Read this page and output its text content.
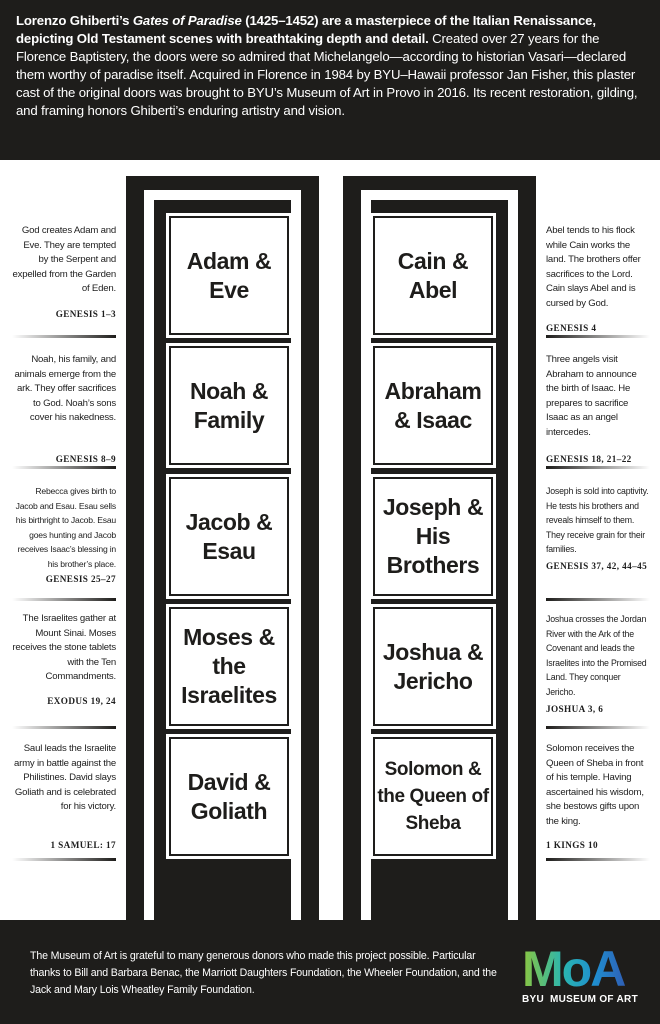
Lorenzo Ghiberti’s Gates of Paradise (1425–1452) are a masterpiece of the Italian Renaissance, depicting Old Testament scenes with breathtaking depth and detail. Created over 27 years for the Florence Baptistery, the doors were so admired that Michelangelo—according to historian Vasari—declared them worthy of paradise itself. Acquired in Florence in 1984 by BYU–Hawaii professor Jan Fisher, this plaster cast of the original doors was brought to BYU’s Museum of Art in Provo in 2016. Its recent restoration, gilding, and framing honors Ghiberti’s enduring artistry and vision.
Adam & Eve
Noah & Family
Jacob & Esau
Moses & the Israelites
David & Goliath
Cain & Abel
Abraham & Isaac
Joseph & His Brothers
Joshua & Jericho
Solomon & the Queen of Sheba
God creates Adam and Eve. They are tempted by the Serpent and expelled from the Garden of Eden.
GENESIS 1–3
Noah, his family, and animals emerge from the ark. They offer sacrifices to God. Noah’s sons cover his nakedness.
GENESIS 8–9
Rebecca gives birth to Jacob and Esau. Esau sells his birthright to Jacob. Esau goes hunting and Jacob receives Isaac’s blessing in his brother’s place.
GENESIS 25–27
The Israelites gather at Mount Sinai. Moses receives the stone tablets with the Ten Commandments.
EXODUS 19, 24
Saul leads the Israelite army in battle against the Philistines. David slays Goliath and is celebrated for his victory.
1 SAMUEL: 17
Abel tends to his flock while Cain works the land. The brothers offer sacrifices to the Lord. Cain slays Abel and is cursed by God.
GENESIS 4
Three angels visit Abraham to announce the birth of Isaac. He prepares to sacrifice Isaac as an angel intercedes.
GENESIS 18, 21–22
Joseph is sold into captivity. He tests his brothers and reveals himself to them. They receive grain for their families.
GENESIS 37, 42, 44–45
Joshua crosses the Jordan River with the Ark of the Covenant and leads the Israelites into the Promised Land. They conquer Jericho.
JOSHUA 3, 6
Solomon receives the Queen of Sheba in front of his temple. Having ascertained his wisdom, she bestows gifts upon the king.
1 KINGS 10
The Museum of Art is grateful to many generous donors who made this project possible. Particular thanks to Bill and Barbara Benac, the Marriott Daughters Foundation, the Wheeler Foundation, and the Jack and Mary Lois Wheatley Family Foundation.	MoA
BYU MUSEUM OF ART
